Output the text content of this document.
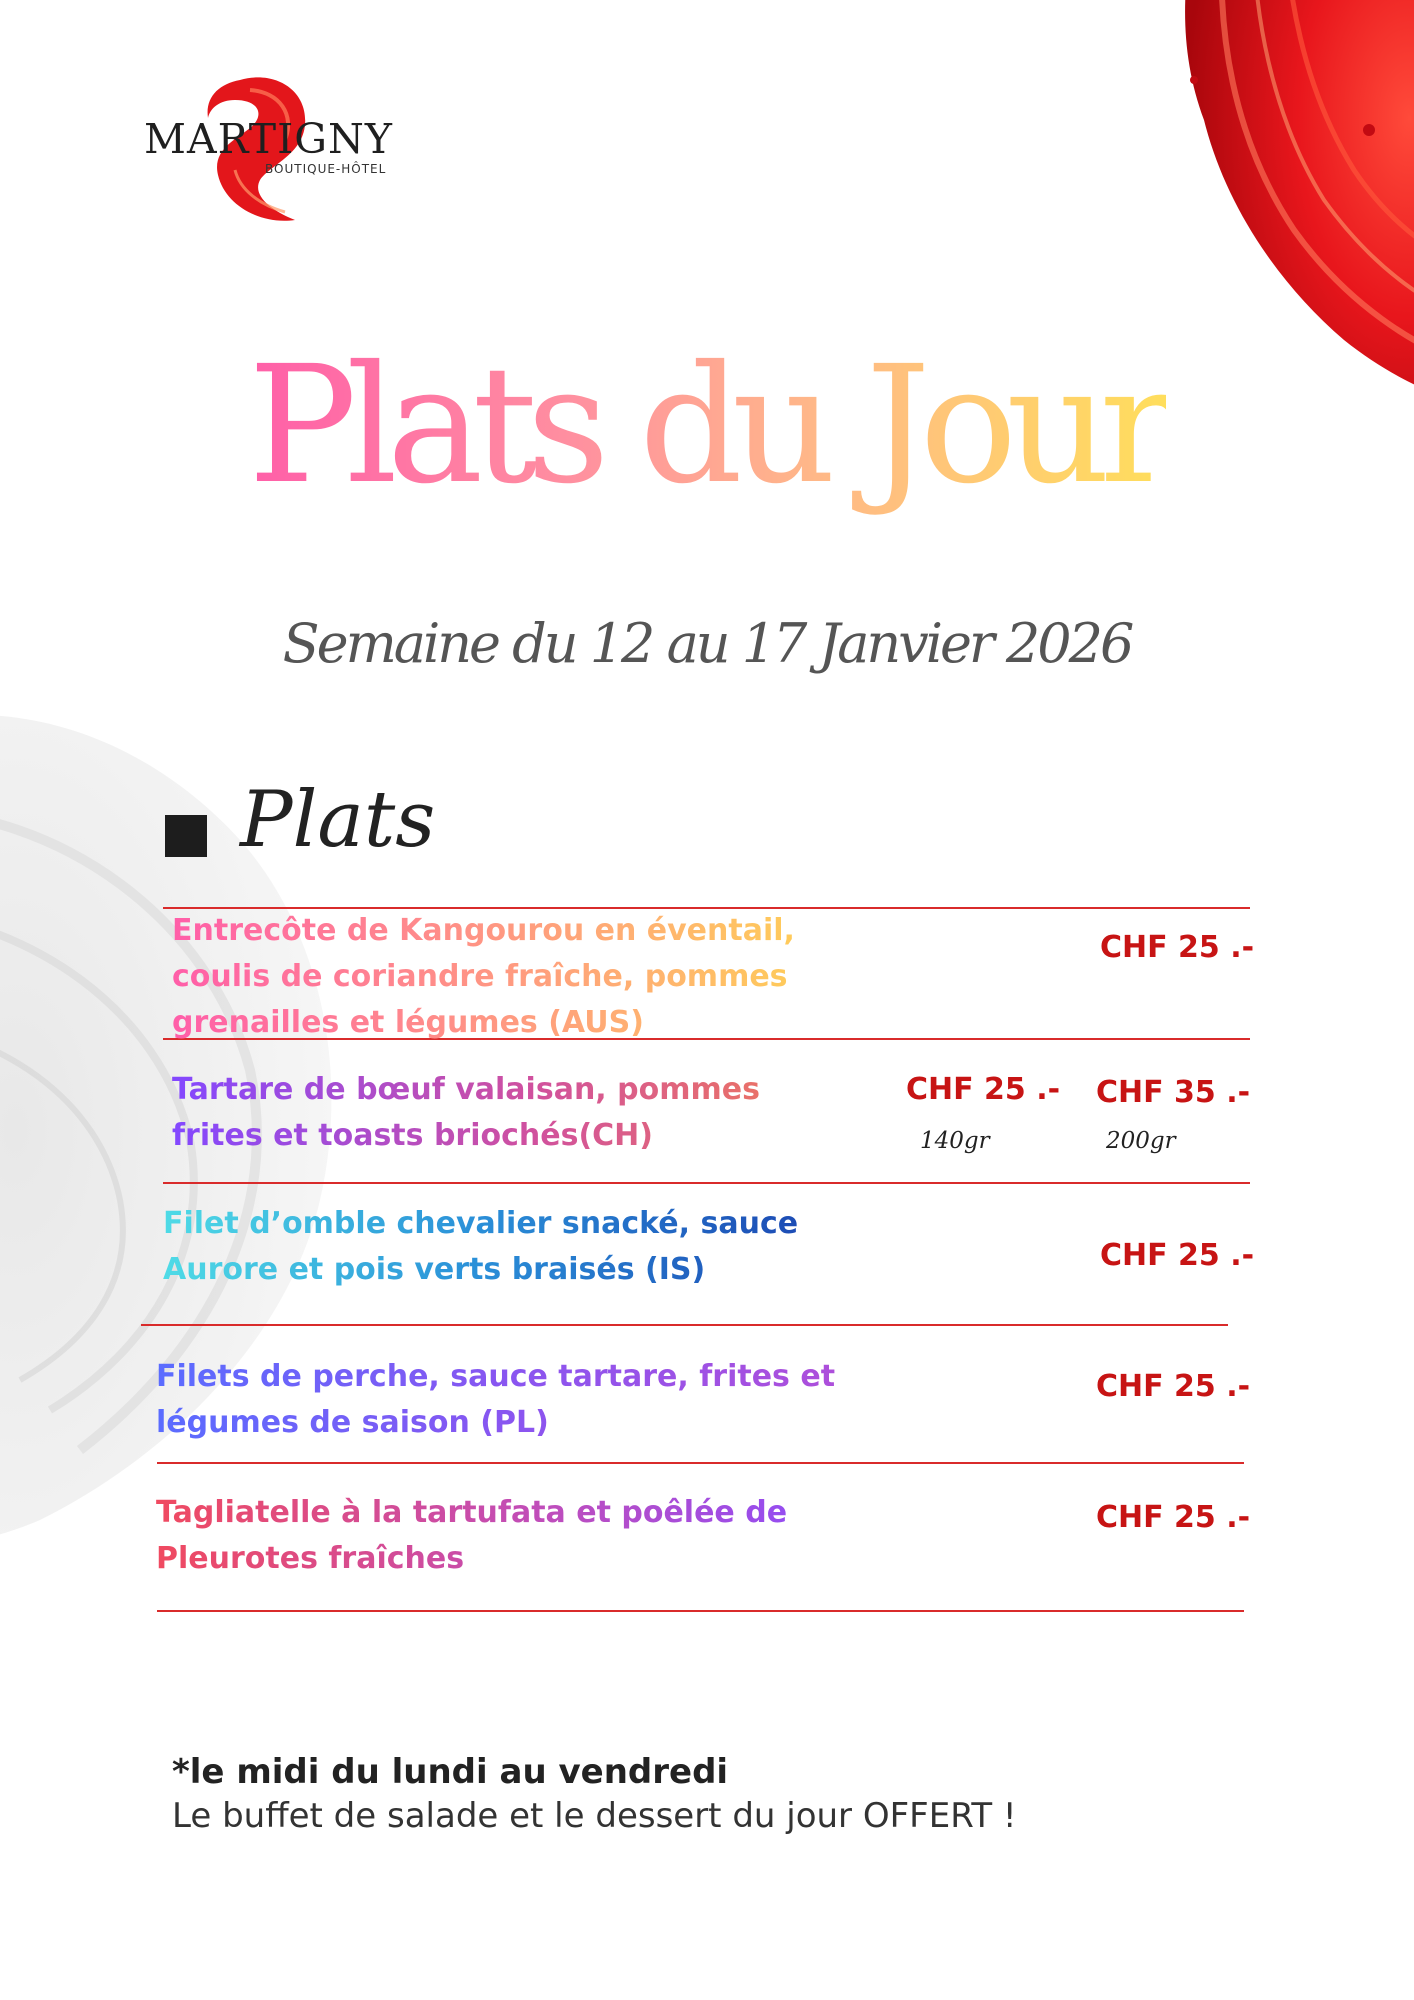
MARTIGNY
BOUTIQUE-HÔTEL
Plats du Jour
Semaine du 12 au 17 Janvier 2026
Plats
Entrecôte de Kangourou en éventail, coulis de coriandre fraîche, pommes grenailles et légumes (AUS)
CHF 25 .-
Tartare de bœuf valaisan, pommes frites et toasts briochés(CH)
CHF 25 .-
140gr
CHF 35 .-
200gr
Filet d’omble chevalier snacké, sauce Aurore et pois verts braisés (IS)	CHF 25 .-
Filets de perche, sauce tartare, frites et légumes de saison (PL)
CHF 25 .-
Tagliatelle à la tartufata et poêlée de Pleurotes fraîches
CHF 25 .-
*le midi du lundi au vendredi
Le buffet de salade et le dessert du jour OFFERT !
